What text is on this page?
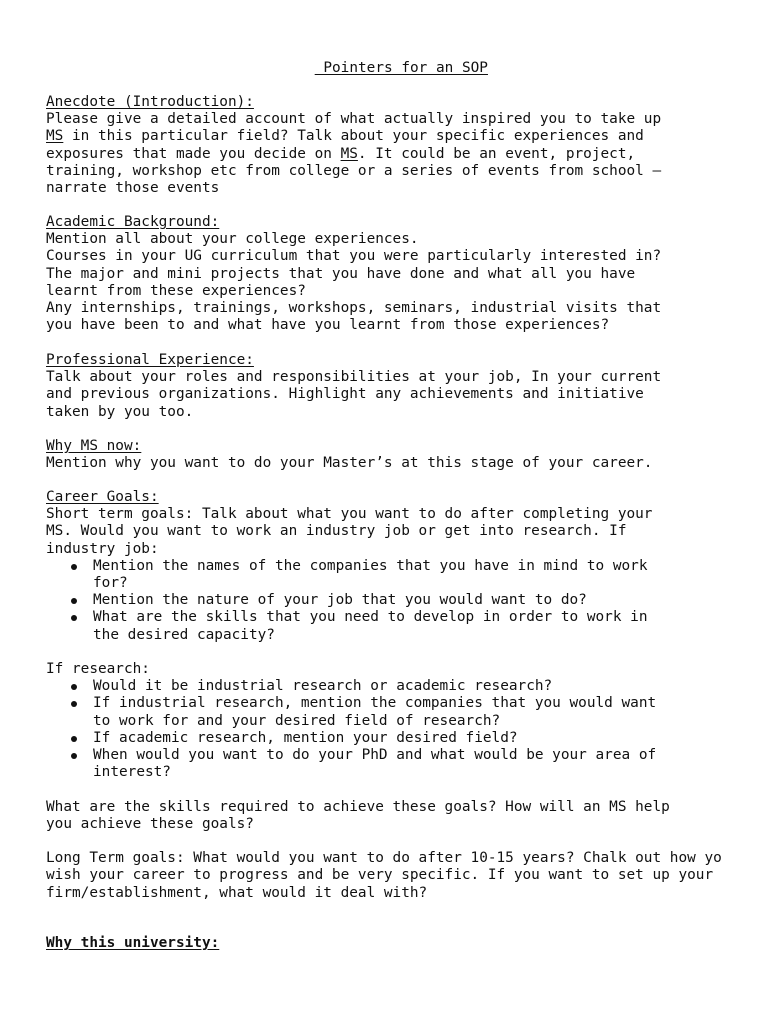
Pointers for an SOP

Anecdote (Introduction):
Please give a detailed account of what actually inspired you to take up
MS in this particular field? Talk about your specific experiences and
exposures that made you decide on MS. It could be an event, project,
training, workshop etc from college or a series of events from school –
narrate those events
Academic Background:
Mention all about your college experiences.
Courses in your UG curriculum that you were particularly interested in?
The major and mini projects that you have done and what all you have
learnt from these experiences?
Any internships, trainings, workshops, seminars, industrial visits that
you have been to and what have you learnt from those experiences?
Professional Experience:
Talk about your roles and responsibilities at your job, In your current
and previous organizations. Highlight any achievements and initiative
taken by you too.
Why MS now:
Mention why you want to do your Master’s at this stage of your career.
Career Goals:
Short term goals: Talk about what you want to do after completing your
MS. Would you want to work an industry job or get into research. If
industry job:
Mention the names of the companies that you have in mind to work
for?
Mention the nature of your job that you would want to do?
What are the skills that you need to develop in order to work in
the desired capacity?
If research:
Would it be industrial research or academic research?
If industrial research, mention the companies that you would want
to work for and your desired field of research?
If academic research, mention your desired field?
When would you want to do your PhD and what would be your area of
interest?
What are the skills required to achieve these goals? How will an MS help
you achieve these goals?
Long Term goals: What would you want to do after 10-15 years? Chalk out how yo
wish your career to progress and be very specific. If you want to set up your
firm/establishment, what would it deal with?
Why this university:
